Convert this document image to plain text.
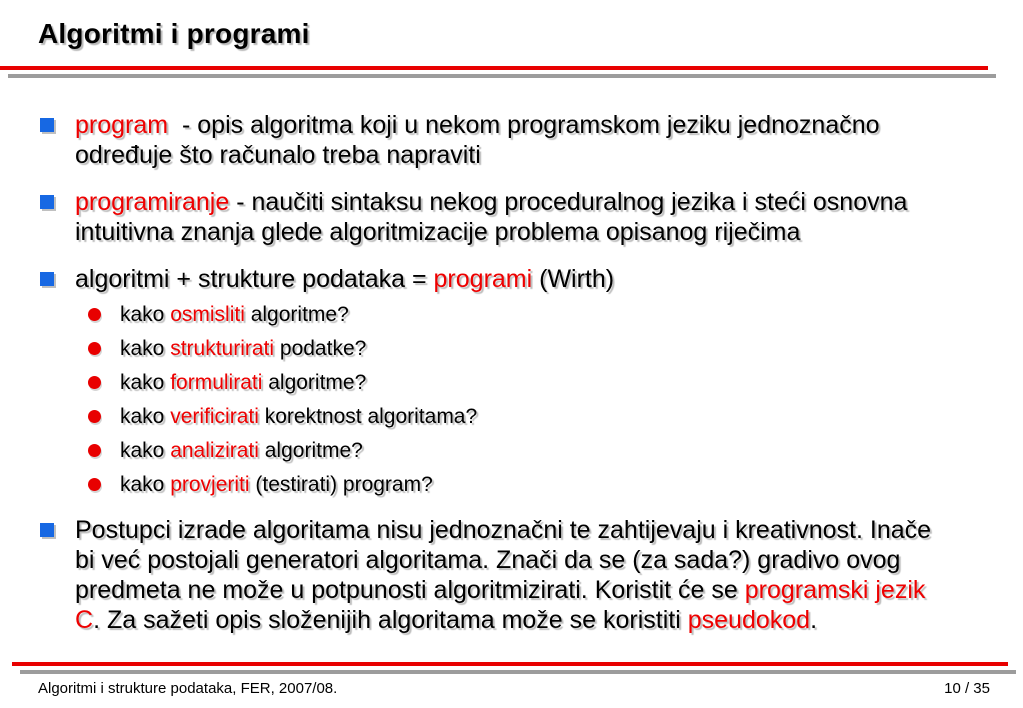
Algoritmi i programi
program  - opis algoritma koji u nekom programskom jeziku jednoznačno
određuje što računalo treba napraviti
programiranje - naučiti sintaksu nekog proceduralnog jezika i steći osnovna
intuitivna znanja glede algoritmizacije problema opisanog riječima
algoritmi + strukture podataka = programi (Wirth)
kako osmisliti algoritme?
kako strukturirati podatke?
kako formulirati algoritme?
kako verificirati korektnost algoritama?
kako analizirati algoritme?
kako provjeriti (testirati) program?
Postupci izrade algoritama nisu jednoznačni te zahtijevaju i kreativnost. Inače
bi već postojali generatori algoritama. Znači da se (za sada?) gradivo ovog
predmeta ne može u potpunosti algoritmizirati. Koristit će se programski jezik
C. Za sažeti opis složenijih algoritama može se koristiti pseudokod.
Algoritmi i strukture podataka, FER, 2007/08.	10 / 35
